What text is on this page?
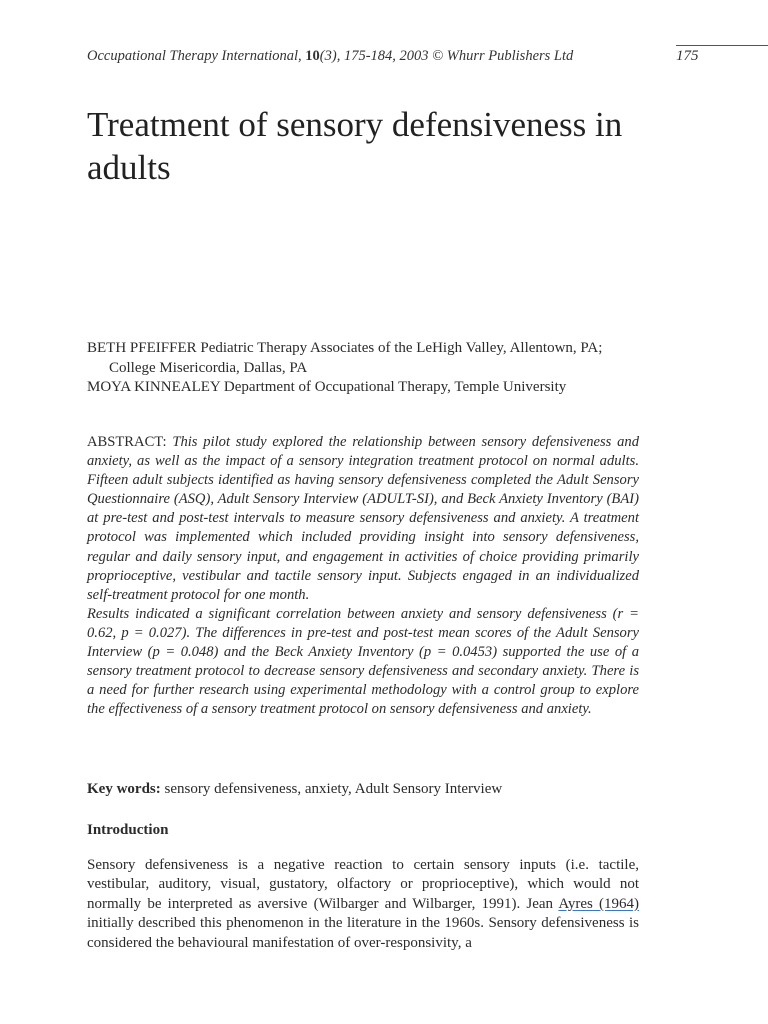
Occupational Therapy International, 10(3), 175-184, 2003 © Whurr Publishers Ltd	175
Treatment of sensory defensiveness in adults

BETH PFEIFFER Pediatric Therapy Associates of the LeHigh Valley, Allentown, PA; College Misericordia, Dallas, PA

MOYA KINNEALEY Department of Occupational Therapy, Temple University

ABSTRACT: This pilot study explored the relationship between sensory defensiveness and anxiety, as well as the impact of a sensory integration treatment protocol on normal adults. Fifteen adult subjects identified as having sensory defensiveness completed the Adult Sensory Questionnaire (ASQ), Adult Sensory Interview (ADULT-SI), and Beck Anxiety Inventory (BAI) at pre-test and post-test intervals to measure sensory defensiveness and anxiety. A treatment protocol was implemented which included providing insight into sensory defensiveness, regular and daily sensory input, and engagement in activities of choice providing primarily proprioceptive, vestibular and tactile sensory input. Subjects engaged in an individualized self-treatment protocol for one month.

Results indicated a significant correlation between anxiety and sensory defensiveness (r = 0.62, p = 0.027). The differences in pre-test and post-test mean scores of the Adult Sensory Interview (p = 0.048) and the Beck Anxiety Inventory (p = 0.0453) supported the use of a sensory treatment protocol to decrease sensory defensiveness and secondary anxiety. There is a need for further research using experimental methodology with a control group to explore the effectiveness of a sensory treatment protocol on sensory defensiveness and anxiety.

Key words: sensory defensiveness, anxiety, Adult Sensory Interview
Introduction

Sensory defensiveness is a negative reaction to certain sensory inputs (i.e. tactile, vestibular, auditory, visual, gustatory, olfactory or proprioceptive), which would not normally be interpreted as aversive (Wilbarger and Wilbarger, 1991). Jean Ayres (1964) initially described this phenomenon in the literature in the 1960s. Sensory defensiveness is considered the behavioural manifestation of over-responsivity, a
